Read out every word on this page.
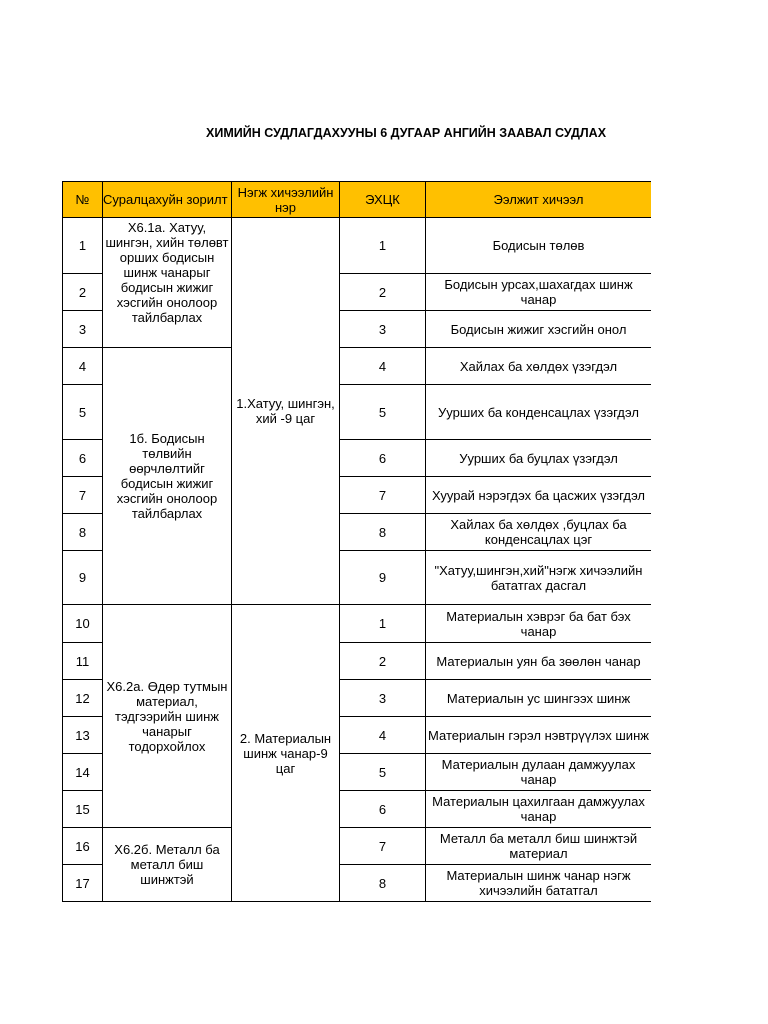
ХИМИЙН СУДЛАГДАХУУНЫ 6 ДУГААР АНГИЙН ЗААВАЛ СУДЛАХ
№	Суралцахуйн зорилт	Нэгж хичээлийн нэр	ЭХЦК	Ээлжит хичээл
1	Х6.1а. Хатуу, шингэн, хийн төлөвт орших бодисын шинж чанарыг бодисын жижиг хэсгийн онолоор тайлбарлах	1.Хатуу, шингэн, хий -9 цаг	1	Бодисын төлөв
2			2	Бодисын урсах,шахагдах шинж чанар
3			3	Бодисын жижиг хэсгийн онол
4	1б. Бодисын төлвийн өөрчлөлтийг бодисын жижиг хэсгийн онолоор тайлбарлах		4	Хайлах ба хөлдөх үзэгдэл
5			5	Уурших ба конденсацлах үзэгдэл
6			6	Уурших ба буцлах үзэгдэл
7			7	Хуурай нэрэгдэх ба цасжих үзэгдэл
8			8	Хайлах ба хөлдөх ,буцлах ба конденсацлах цэг
9			9	"Хатуу,шингэн,хий"нэгж хичээлийн бататгах дасгал
10	Х6.2а. Өдөр тутмын материал, тэдгээрийн шинж чанарыг тодорхойлох	2. Материалын шинж чанар-9 цаг	1	Материалын хэврэг ба бат бэх чанар
11			2	Материалын уян ба зөөлөн чанар
12			3	Материалын ус шингээх шинж
13			4	Материалын гэрэл нэвтрүүлэх шинж
14			5	Материалын дулаан дамжуулах чанар
15			6	Материалын цахилгаан дамжуулах чанар
16	Х6.2б. Металл ба металл биш шинжтэй		7	Металл ба металл биш шинжтэй материал
17			8	Материалын шинж чанар нэгж хичээлийн бататгал
